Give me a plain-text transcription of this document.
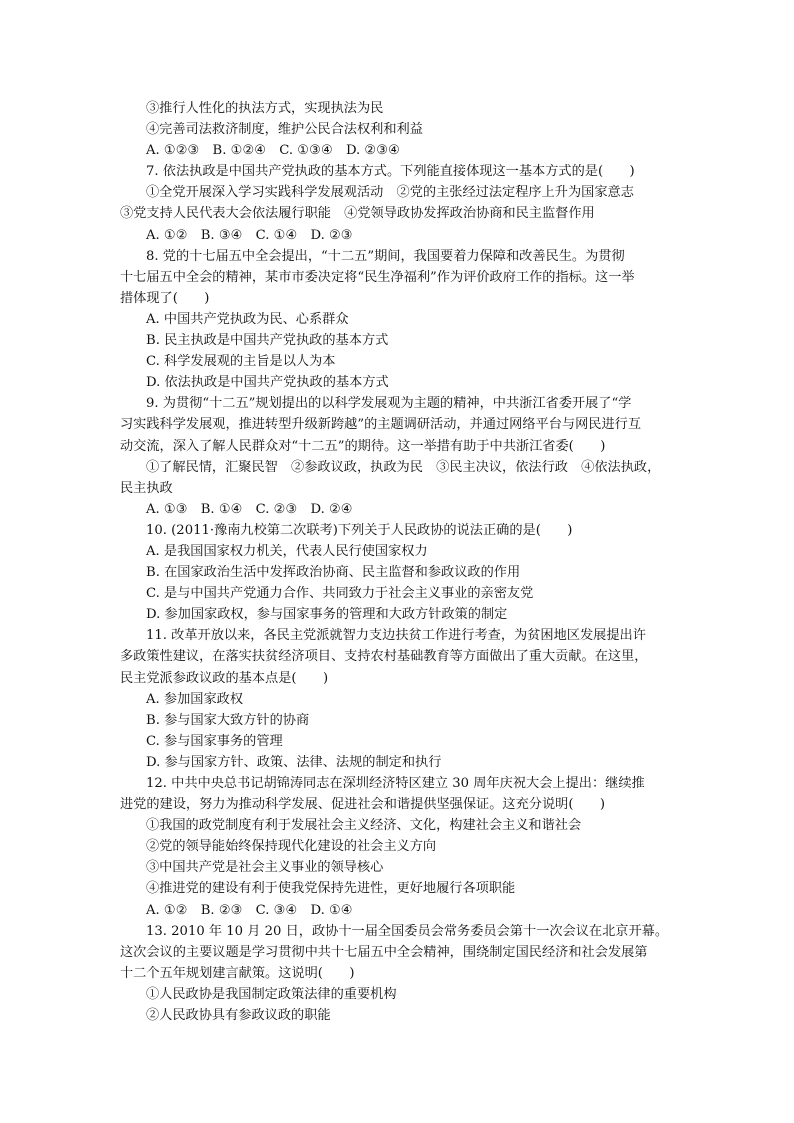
③推行人性化的执法方式，实现执法为民
④完善司法救济制度，维护公民合法权利和利益
A. ①②③　B. ①②④　C. ①③④　D. ②③④
7. 依法执政是中国共产党执政的基本方式。下列能直接体现这一基本方式的是(　　)
①全党开展深入学习实践科学发展观活动　②党的主张经过法定程序上升为国家意志
③党支持人民代表大会依法履行职能　④党领导政协发挥政治协商和民主监督作用
A. ①②　B. ③④　C. ①④　D. ②③
8. 党的十七届五中全会提出，“十二五”期间，我国要着力保障和改善民生。为贯彻
十七届五中全会的精神，某市市委决定将“民生净福利”作为评价政府工作的指标。这一举
措体现了(　　)
A. 中国共产党执政为民、心系群众
B. 民主执政是中国共产党执政的基本方式
C. 科学发展观的主旨是以人为本
D. 依法执政是中国共产党执政的基本方式
9. 为贯彻“十二五”规划提出的以科学发展观为主题的精神，中共浙江省委开展了“学
习实践科学发展观，推进转型升级新跨越”的主题调研活动，并通过网络平台与网民进行互
动交流，深入了解人民群众对“十二五”的期待。这一举措有助于中共浙江省委(　　)
①了解民情，汇聚民智　②参政议政，执政为民　③民主决议，依法行政　④依法执政，
民主执政
A. ①③　B. ①④　C. ②③　D. ②④
10. (2011·豫南九校第二次联考)下列关于人民政协的说法正确的是(　　)
A. 是我国国家权力机关，代表人民行使国家权力
B. 在国家政治生活中发挥政治协商、民主监督和参政议政的作用
C. 是与中国共产党通力合作、共同致力于社会主义事业的亲密友党
D. 参加国家政权，参与国家事务的管理和大政方针政策的制定
11. 改革开放以来，各民主党派就智力支边扶贫工作进行考查，为贫困地区发展提出许
多政策性建议，在落实扶贫经济项目、支持农村基础教育等方面做出了重大贡献。在这里，
民主党派参政议政的基本点是(　　)
A. 参加国家政权
B. 参与国家大致方针的协商
C. 参与国家事务的管理
D. 参与国家方针、政策、法律、法规的制定和执行
12. 中共中央总书记胡锦涛同志在深圳经济特区建立 30 周年庆祝大会上提出：继续推
进党的建设，努力为推动科学发展、促进社会和谐提供坚强保证。这充分说明(　　)
①我国的政党制度有利于发展社会主义经济、文化，构建社会主义和谐社会
②党的领导能始终保持现代化建设的社会主义方向
③中国共产党是社会主义事业的领导核心
④推进党的建设有利于使我党保持先进性，更好地履行各项职能
A. ①②　B. ②③　C. ③④　D. ①④
13. 2010 年 10 月 20 日，政协十一届全国委员会常务委员会第十一次会议在北京开幕。
这次会议的主要议题是学习贯彻中共十七届五中全会精神，围绕制定国民经济和社会发展第
十二个五年规划建言献策。这说明(　　)
①人民政协是我国制定政策法律的重要机构
②人民政协具有参政议政的职能
